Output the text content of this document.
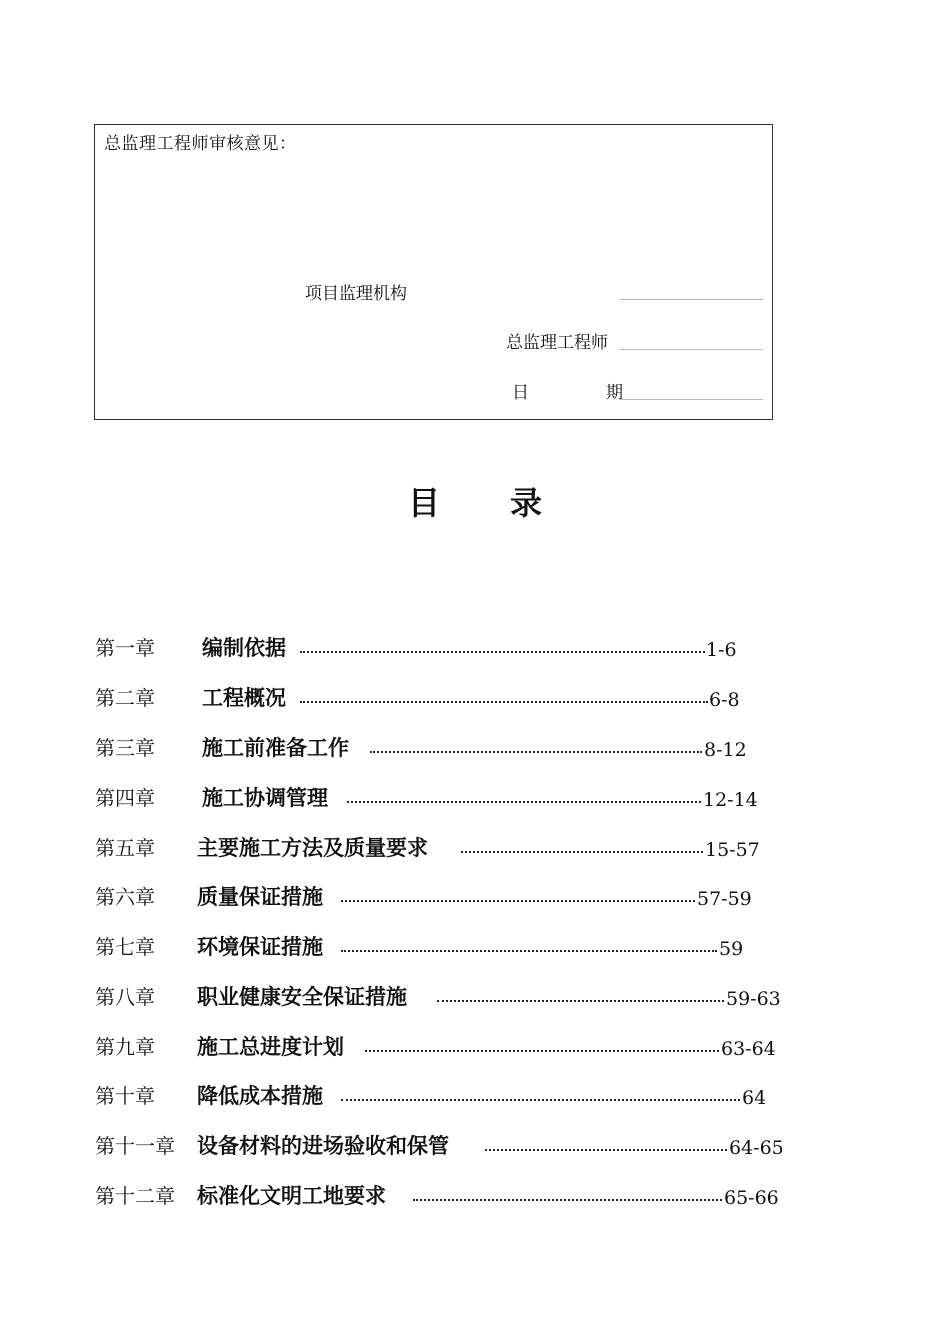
总监理工程师审核意见：
项目监理机构
总监理工程师
日	期
目 录
第一章 编制依据	1-6
第二章 工程概况	6-8
第三章 施工前准备工作	8-12
第四章 施工协调管理	12-14
第五章 主要施工方法及质量要求	15-57
第六章 质量保证措施	57-59
第七章 环境保证措施	59
第八章 职业健康安全保证措施	59-63
第九章 施工总进度计划	63-64
第十章 降低成本措施	64
第十一章 设备材料的进场验收和保管	64-65
第十二章 标准化文明工地要求	65-66
